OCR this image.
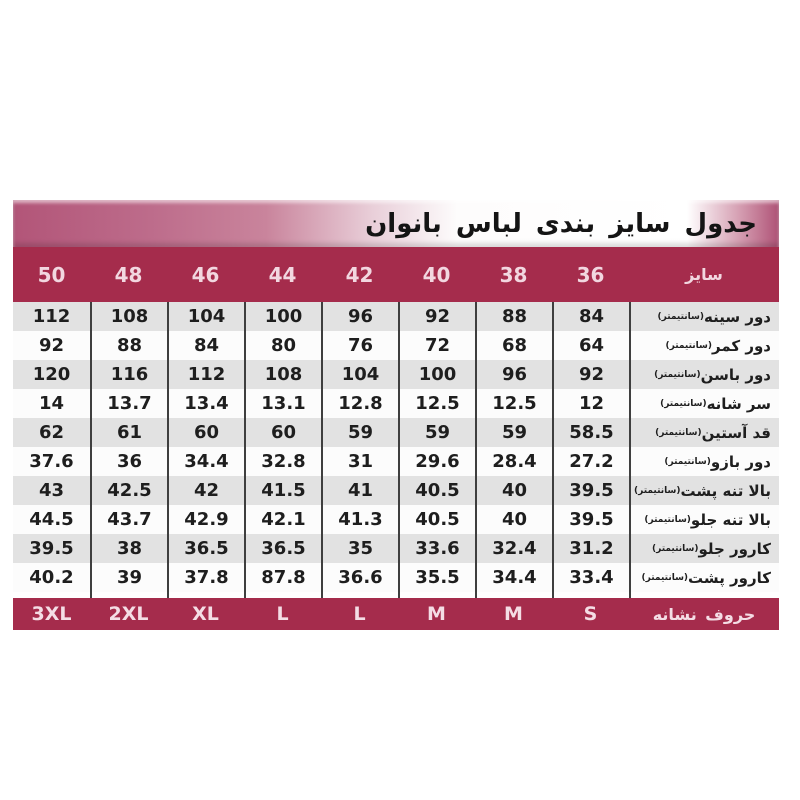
جدول سایز بندی لباس بانوان
سایز
36
38
40
42
44
46
48
50
دور سینه
(سانتیمتر)
84
88
92
96
100
104
108
112
دور کمر
(سانتیمتر)
64
68
72
76
80
84
88
92
دور باسن
(سانتیمتر)
92
96
100
104
108
112
116
120
سر شانه
(سانتیمتر)
12
12.5
12.5
12.8
13.1
13.4
13.7
14
قد آستین
(سانتیمتر)
58.5
59
59
59
60
60
61
62
دور بازو
(سانتیمتر)
27.2
28.4
29.6
31
32.8
34.4
36
37.6
بالا تنه پشت
(سانتیمتر)
39.5
40
40.5
41
41.5
42
42.5
43
بالا تنه جلو
(سانتیمتر)
39.5
40
40.5
41.3
42.1
42.9
43.7
44.5
کارور جلو
(سانتیمتر)
31.2
32.4
33.6
35
36.5
36.5
38
39.5
کارور پشت
(سانتیمتر)
33.4
34.4
35.5
36.6
87.8
37.8
39
40.2
حروف نشانه
S
M
M
L
L
XL
2XL
3XL
